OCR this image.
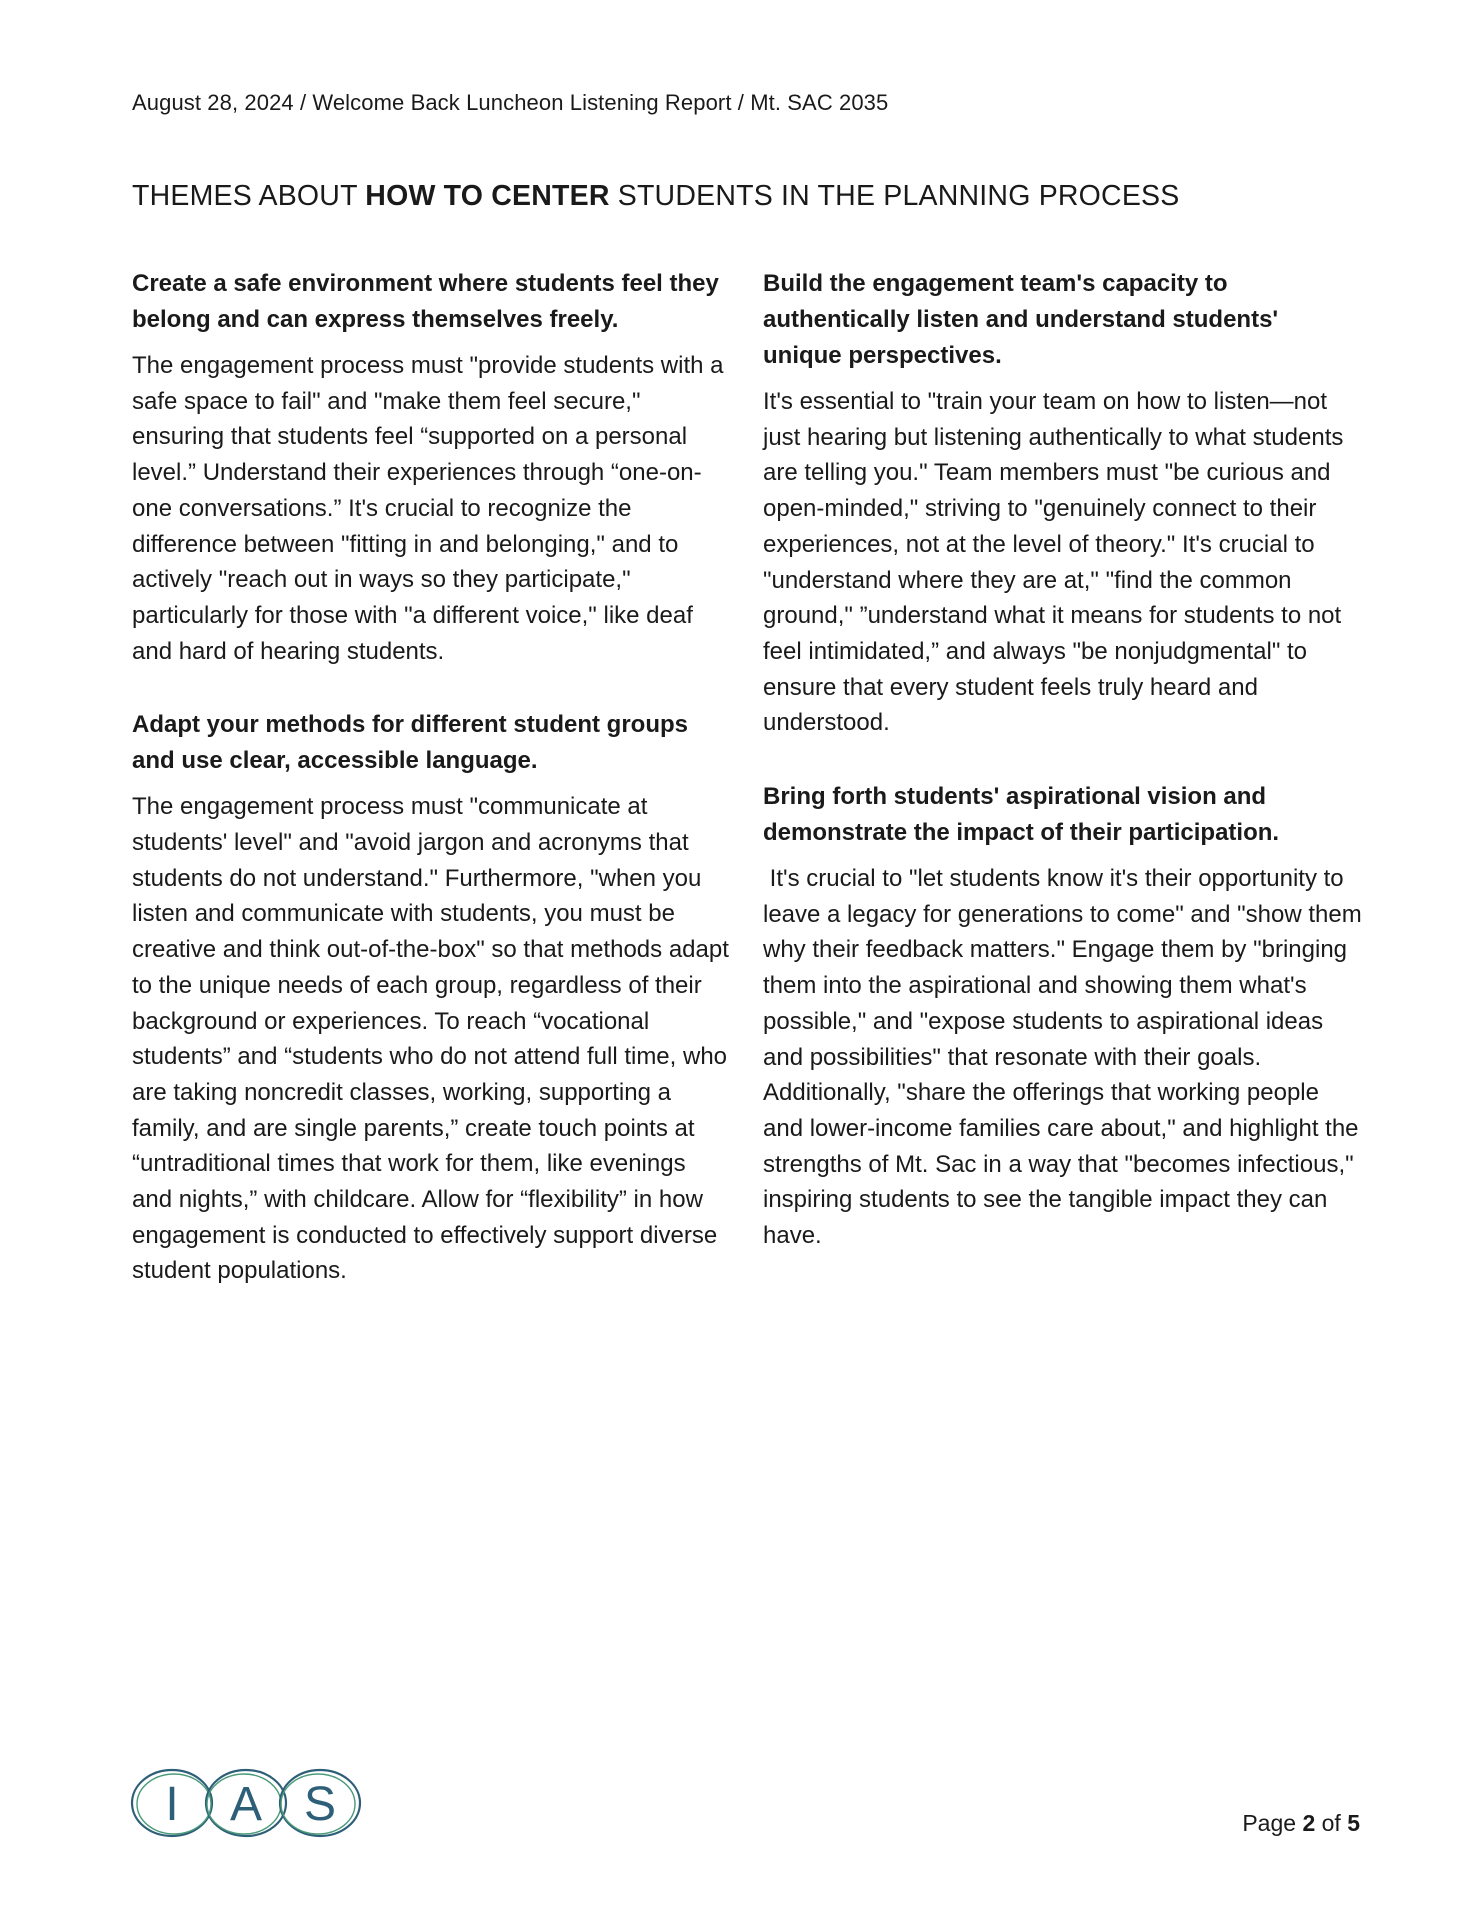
August 28, 2024 / Welcome Back Luncheon Listening Report / Mt. SAC 2035
THEMES ABOUT HOW TO CENTER STUDENTS IN THE PLANNING PROCESS

Create a safe environment where students feel they belong and can express themselves freely.

The engagement process must "provide students with a safe space to fail" and "make them feel secure," ensuring that students feel “supported on a personal level.” Understand their experiences through “one-on-one conversations.” It's crucial to recognize the difference between "fitting in and belonging," and to actively "reach out in ways so they participate," particularly for those with "a different voice," like deaf and hard of hearing students.

Adapt your methods for different student groups and use clear, accessible language.

The engagement process must "communicate at students' level" and "avoid jargon and acronyms that students do not understand." Furthermore, "when you listen and communicate with students, you must be creative and think out-of-the-box" so that methods adapt to the unique needs of each group, regardless of their background or experiences. To reach “vocational students” and “students who do not attend full time, who are taking noncredit classes, working, supporting a family, and are single parents,” create touch points at “untraditional times that work for them, like evenings and nights,” with childcare. Allow for “flexibility” in how engagement is conducted to effectively support diverse student populations.

Build the engagement team's capacity to authentically listen and understand students' unique perspectives.

It's essential to "train your team on how to listen—not just hearing but listening authentically to what students are telling you." Team members must "be curious and open-minded," striving to "genuinely connect to their experiences, not at the level of theory." It's crucial to "understand where they are at," "find the common ground," ”understand what it means for students to not feel intimidated,” and always "be nonjudgmental" to ensure that every student feels truly heard and understood.

Bring forth students' aspirational vision and demonstrate the impact of their participation.

It's crucial to "let students know it's their opportunity to leave a legacy for generations to come" and "show them why their feedback matters." Engage them by "bringing them into the aspirational and showing them what's possible," and "expose students to aspirational ideas and possibilities" that resonate with their goals. Additionally, "share the offerings that working people and lower-income families care about," and highlight the strengths of Mt. Sac in a way that "becomes infectious," inspiring students to see the tangible impact they can have.

I A S	Page 2 of 5
